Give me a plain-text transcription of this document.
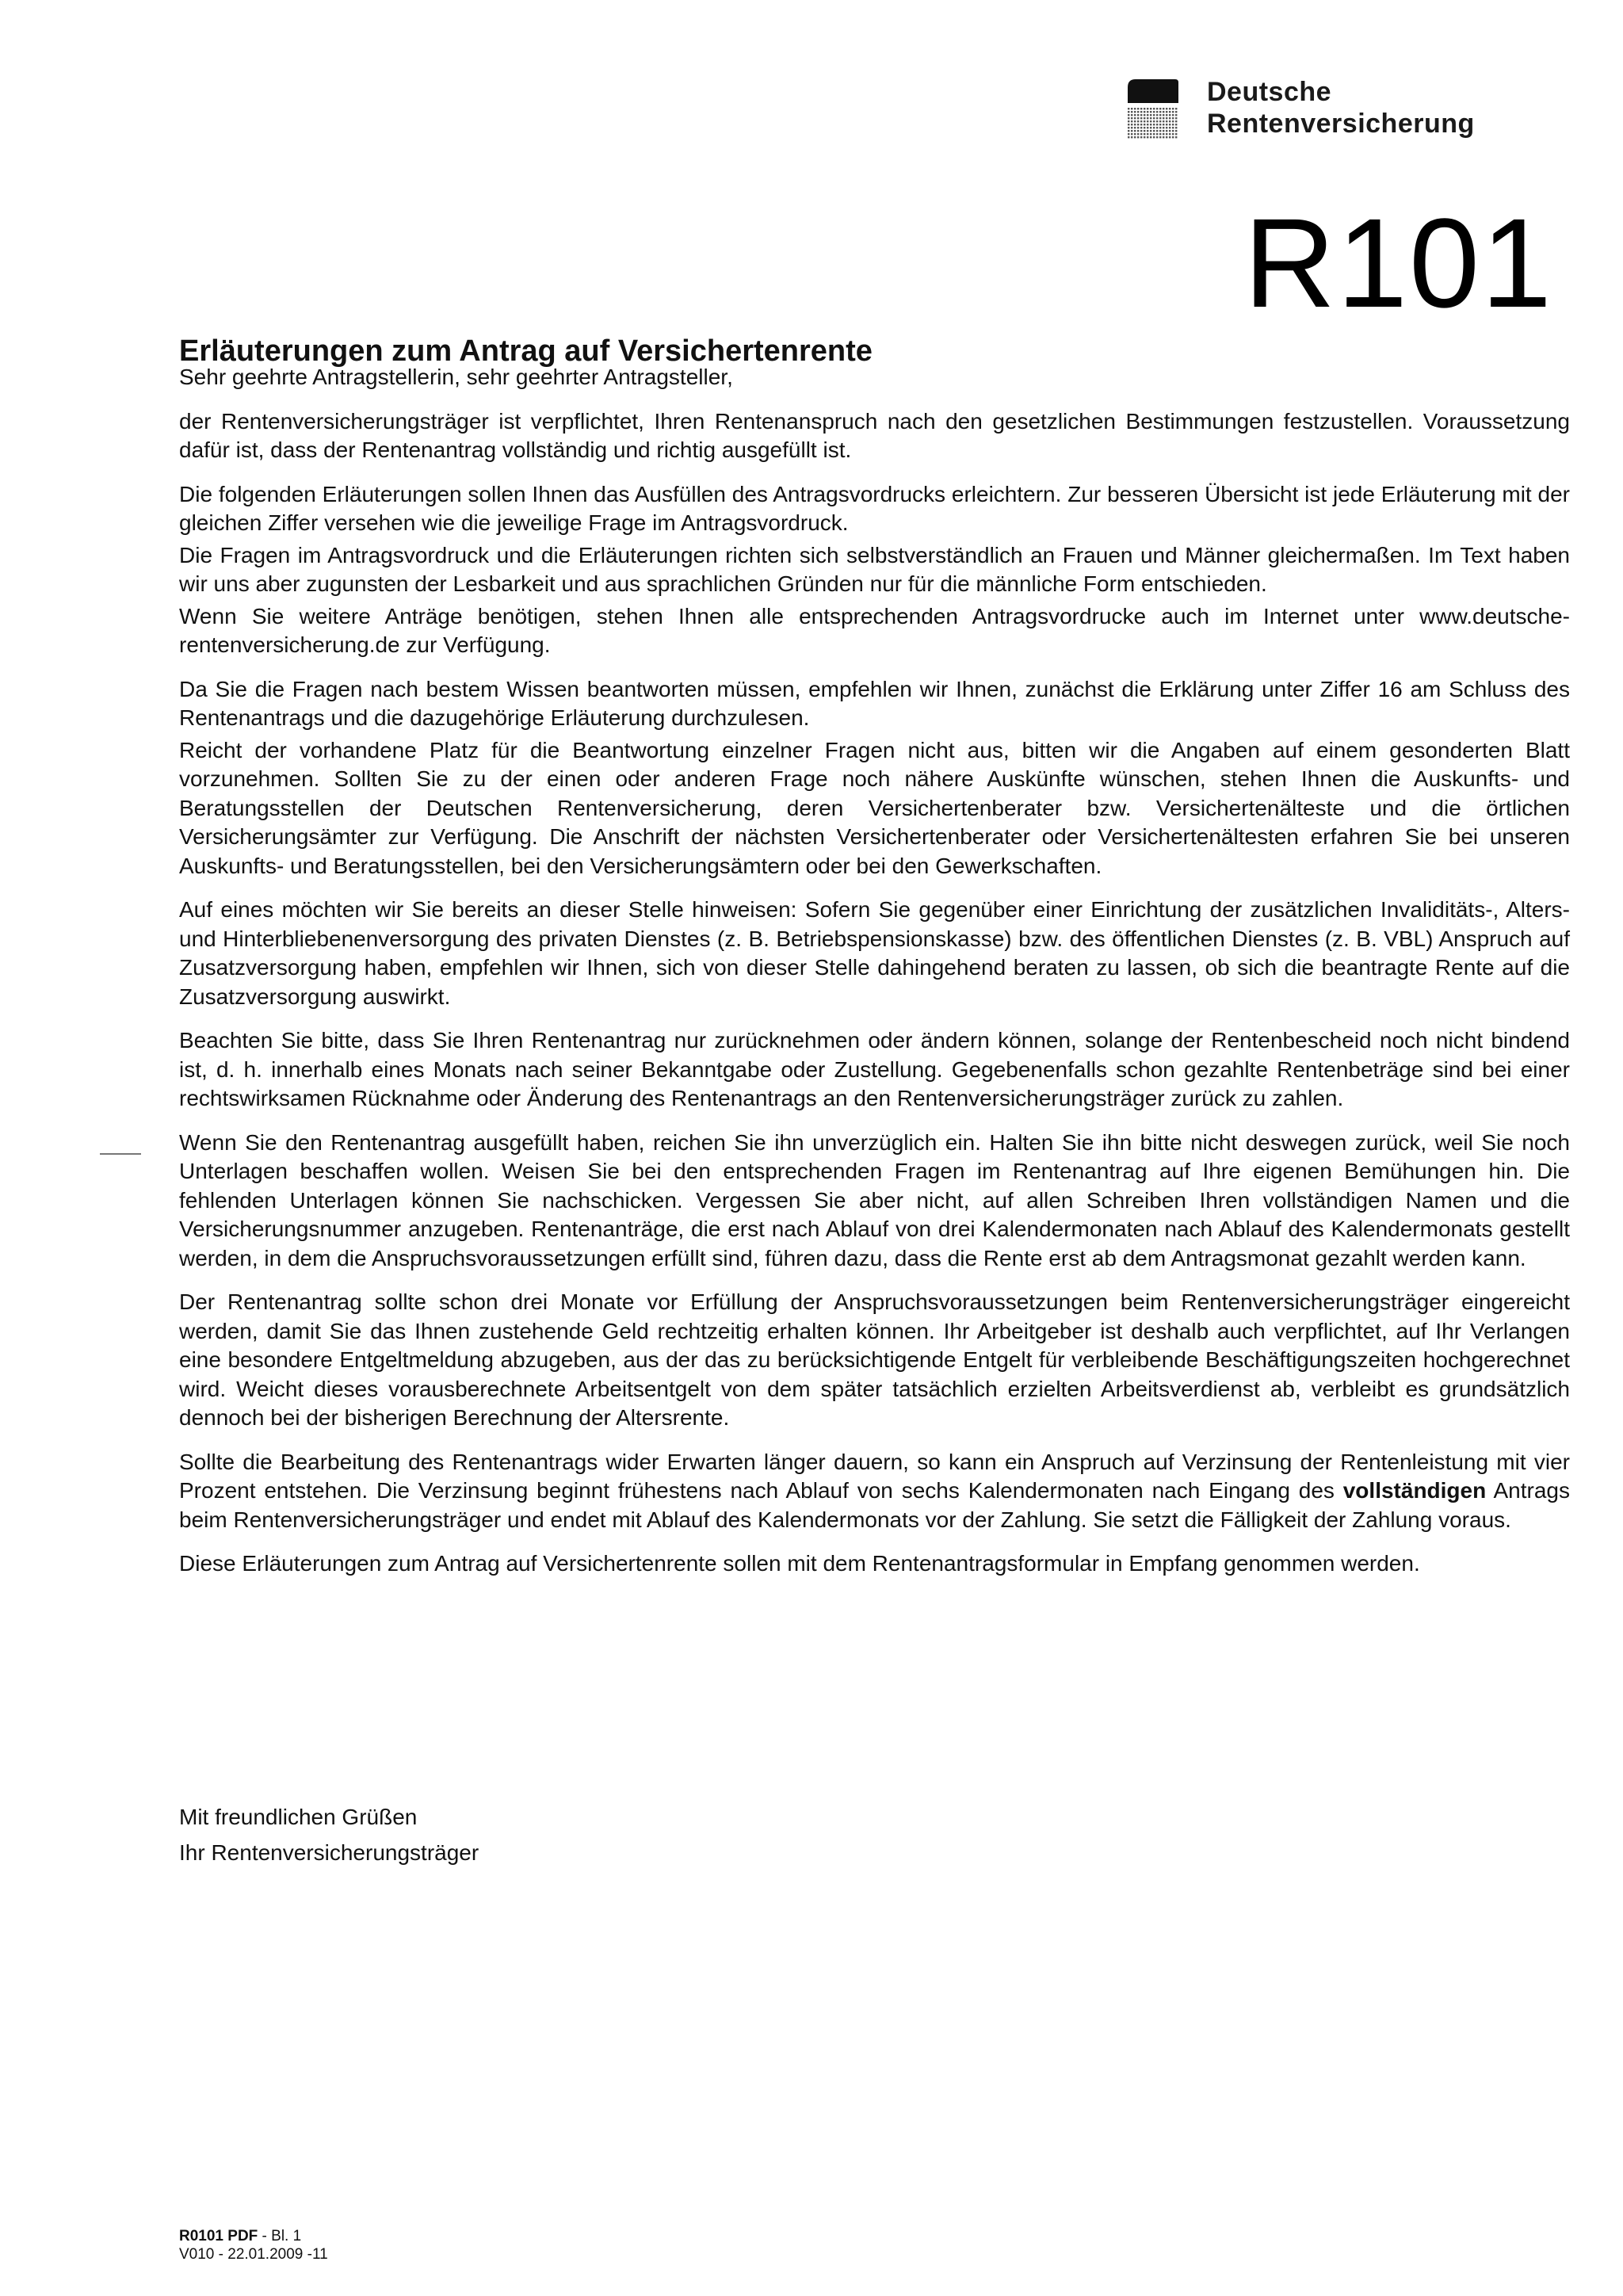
Deutsche
Rentenversicherung
R101
Erläuterungen zum Antrag auf Versichertenrente

Sehr geehrte Antragstellerin, sehr geehrter Antragsteller,

der Rentenversicherungsträger ist verpflichtet, Ihren Rentenanspruch nach den gesetzlichen Bestimmungen festzustellen. Voraussetzung dafür ist, dass der Rentenantrag vollständig und richtig ausgefüllt ist.

Die folgenden Erläuterungen sollen Ihnen das Ausfüllen des Antragsvordrucks erleichtern. Zur besseren Übersicht ist jede Erläuterung mit der gleichen Ziffer versehen wie die jeweilige Frage im Antragsvordruck.

Die Fragen im Antragsvordruck und die Erläuterungen richten sich selbstverständlich an Frauen und Männer gleichermaßen. Im Text haben wir uns aber zugunsten der Lesbarkeit und aus sprachlichen Gründen nur für die männliche Form entschieden.

Wenn Sie weitere Anträge benötigen, stehen Ihnen alle entsprechenden Antragsvordrucke auch im Internet unter www.deutsche-rentenversicherung.de zur Verfügung.

Da Sie die Fragen nach bestem Wissen beantworten müssen, empfehlen wir Ihnen, zunächst die Erklärung unter Ziffer 16 am Schluss des Rentenantrags und die dazugehörige Erläuterung durchzulesen.

Reicht der vorhandene Platz für die Beantwortung einzelner Fragen nicht aus, bitten wir die Angaben auf einem gesonderten Blatt vorzunehmen. Sollten Sie zu der einen oder anderen Frage noch nähere Auskünfte wünschen, stehen Ihnen die Auskunfts- und Beratungsstellen der Deutschen Rentenversicherung, deren Versichertenberater bzw. Versichertenälteste und die örtlichen Versicherungsämter zur Verfügung. Die Anschrift der nächsten Versichertenberater oder Versichertenältesten erfahren Sie bei unseren Auskunfts- und Beratungsstellen, bei den Versicherungsämtern oder bei den Gewerkschaften.

Auf eines möchten wir Sie bereits an dieser Stelle hinweisen: Sofern Sie gegenüber einer Einrichtung der zusätzlichen Invaliditäts-, Alters- und Hinterbliebenenversorgung des privaten Dienstes (z. B. Betriebspensionskasse) bzw. des öffentlichen Dienstes (z. B. VBL) Anspruch auf Zusatzversorgung haben, empfehlen wir Ihnen, sich von dieser Stelle dahingehend beraten zu lassen, ob sich die beantragte Rente auf die Zusatzversorgung auswirkt.

Beachten Sie bitte, dass Sie Ihren Rentenantrag nur zurücknehmen oder ändern können, solange der Rentenbescheid noch nicht bindend ist, d. h. innerhalb eines Monats nach seiner Bekanntgabe oder Zustellung. Gegebenenfalls schon gezahlte Rentenbeträge sind bei einer rechtswirksamen Rücknahme oder Änderung des Rentenantrags an den Rentenversicherungsträger zurück zu zahlen.

Wenn Sie den Rentenantrag ausgefüllt haben, reichen Sie ihn unverzüglich ein. Halten Sie ihn bitte nicht deswegen zurück, weil Sie noch Unterlagen beschaffen wollen. Weisen Sie bei den entsprechenden Fragen im Rentenantrag auf Ihre eigenen Bemühungen hin. Die fehlenden Unterlagen können Sie nachschicken. Vergessen Sie aber nicht, auf allen Schreiben Ihren vollständigen Namen und die Versicherungsnummer anzugeben. Rentenanträge, die erst nach Ablauf von drei Kalendermonaten nach Ablauf des Kalendermonats gestellt werden, in dem die Anspruchsvoraussetzungen erfüllt sind, führen dazu, dass die Rente erst ab dem Antragsmonat gezahlt werden kann.

Der Rentenantrag sollte schon drei Monate vor Erfüllung der Anspruchsvoraussetzungen beim Rentenversicherungsträger eingereicht werden, damit Sie das Ihnen zustehende Geld rechtzeitig erhalten können. Ihr Arbeitgeber ist deshalb auch verpflichtet, auf Ihr Verlangen eine besondere Entgeltmeldung abzugeben, aus der das zu berücksichtigende Entgelt für verbleibende Beschäftigungszeiten hochgerechnet wird. Weicht dieses vorausberechnete Arbeitsentgelt von dem später tatsächlich erzielten Arbeitsverdienst ab, verbleibt es grundsätzlich dennoch bei der bisherigen Berechnung der Altersrente.

Sollte die Bearbeitung des Rentenantrags wider Erwarten länger dauern, so kann ein Anspruch auf Verzinsung der Rentenleistung mit vier Prozent entstehen. Die Verzinsung beginnt frühestens nach Ablauf von sechs Kalendermonaten nach Eingang des vollständigen Antrags beim Rentenversicherungsträger und endet mit Ablauf des Kalendermonats vor der Zahlung. Sie setzt die Fälligkeit der Zahlung voraus.

Diese Erläuterungen zum Antrag auf Versichertenrente sollen mit dem Rentenantragsformular in Empfang genommen werden.

Mit freundlichen Grüßen
Ihr Rentenversicherungsträger
R0101 PDF - Bl. 1
V010 - 22.01.2009 -11
